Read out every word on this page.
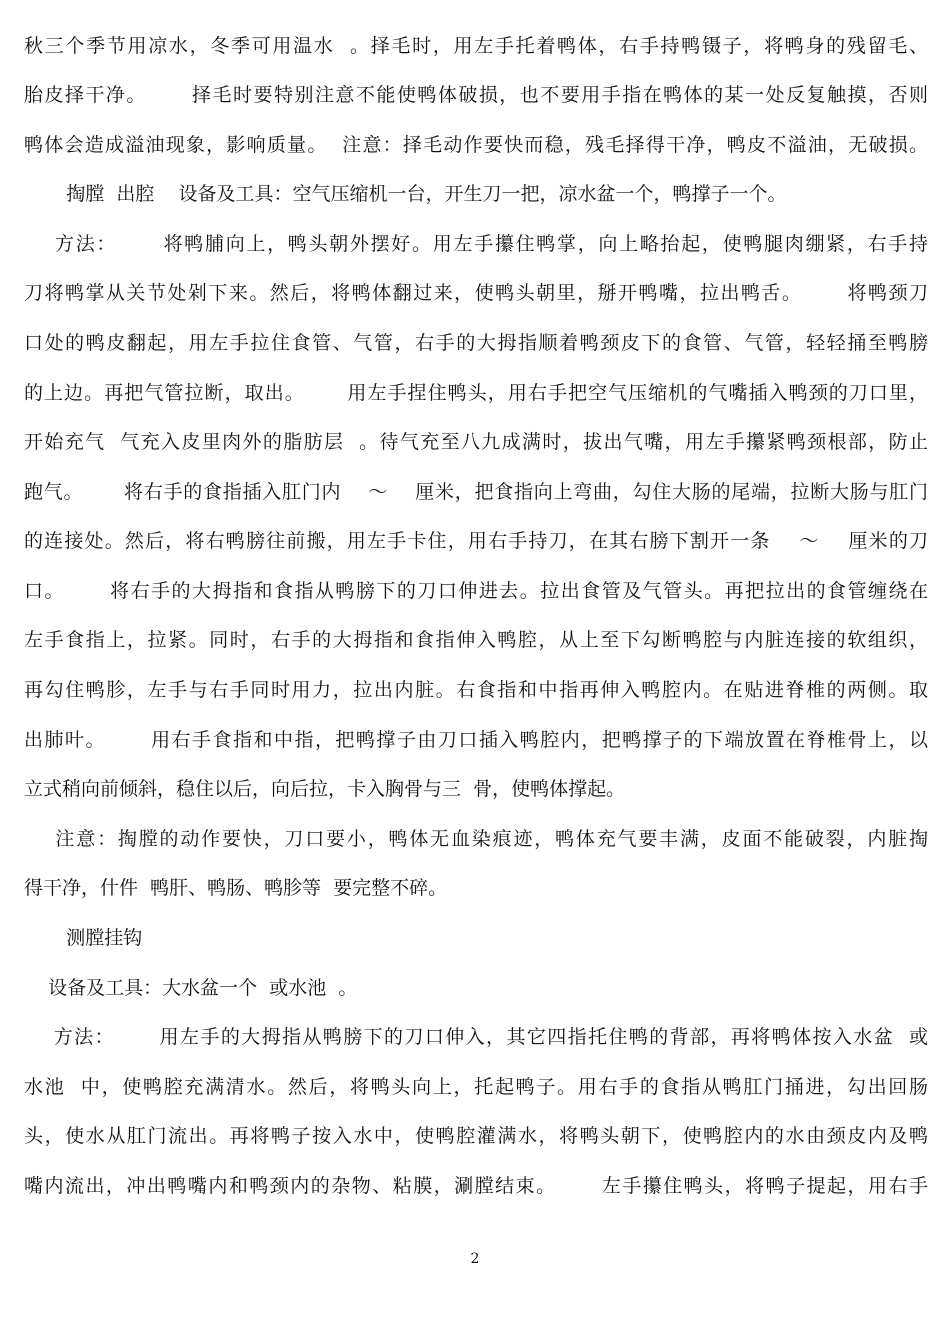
秋三个季节用凉水，冬季可用温水  。择毛时，用左手托着鸭体，右手持鸭镊子，将鸭身的残留毛、
胎皮择干净。      择毛时要特别注意不能使鸭体破损，也不要用手指在鸭体的某一处反复触摸，否则
鸭体会造成溢油现象，影响质量。  注意：择毛动作要快而稳，残毛择得干净，鸭皮不溢油，无破损。
掏膛  出腔    设备及工具：空气压缩机一台，开生刀一把，凉水盆一个，鸭撑子一个。
方法：      将鸭脯向上，鸭头朝外摆好。用左手攥住鸭掌，向上略抬起，使鸭腿肉绷紧，右手持
刀将鸭掌从关节处剁下来。然后，将鸭体翻过来，使鸭头朝里，掰开鸭嘴，拉出鸭舌。      将鸭颈刀
口处的鸭皮翻起，用左手拉住食管、气管，右手的大拇指顺着鸭颈皮下的食管、气管，轻轻捅至鸭膀
的上边。再把气管拉断，取出。      用左手捏住鸭头，用右手把空气压缩机的气嘴插入鸭颈的刀口里，
开始充气  气充入皮里肉外的脂肪层  。待气充至八九成满时，拔出气嘴，用左手攥紧鸭颈根部，防止
跑气。      将右手的食指插入肛门内    ～    厘米，把食指向上弯曲，勾住大肠的尾端，拉断大肠与肛门
的连接处。然后，将右鸭膀往前搬，用左手卡住，用右手持刀，在其右膀下割开一条    ～    厘米的刀
口。      将右手的大拇指和食指从鸭膀下的刀口伸进去。拉出食管及气管头。再把拉出的食管缠绕在
左手食指上，拉紧。同时，右手的大拇指和食指伸入鸭腔，从上至下勾断鸭腔与内脏连接的软组织，
再勾住鸭胗，左手与右手同时用力，拉出内脏。右食指和中指再伸入鸭腔内。在贴进脊椎的两侧。取
出肺叶。      用右手食指和中指，把鸭撑子由刀口插入鸭腔内，把鸭撑子的下端放置在脊椎骨上，以
立式稍向前倾斜，稳住以后，向后拉，卡入胸骨与三  骨，使鸭体撑起。
注意：掏膛的动作要快，刀口要小，鸭体无血染痕迹，鸭体充气要丰满，皮面不能破裂，内脏掏
得干净，什件  鸭肝、鸭肠、鸭胗等  要完整不碎。
测膛挂钩
设备及工具：大水盆一个  或水池  。
方法：      用左手的大拇指从鸭膀下的刀口伸入，其它四指托住鸭的背部，再将鸭体按入水盆  或
水池  中，使鸭腔充满清水。然后，将鸭头向上，托起鸭子。用右手的食指从鸭肛门捅进，勾出回肠
头，使水从肛门流出。再将鸭子按入水中，使鸭腔灌满水，将鸭头朝下，使鸭腔内的水由颈皮内及鸭
嘴内流出，冲出鸭嘴内和鸭颈内的杂物、粘膜，涮膛结束。      左手攥住鸭头，将鸭子提起，用右手
2
